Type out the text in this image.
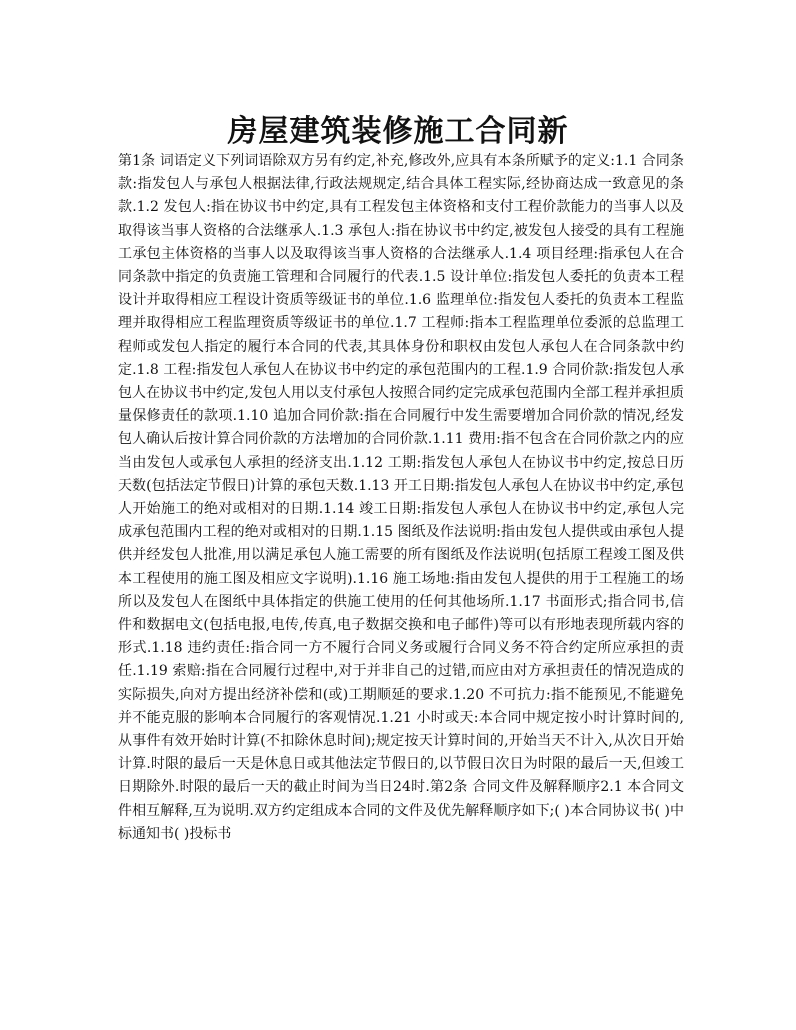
房屋建筑装修施工合同新
第1条 词语定义下列词语除双方另有约定,补充,修改外,应具有本条所赋予的定义:1.1 合同条款:指发包人与承包人根据法律,行政法规规定,结合具体工程实际,经协商达成一致意见的条款.1.2 发包人:指在协议书中约定,具有工程发包主体资格和支付工程价款能力的当事人以及取得该当事人资格的合法继承人.1.3 承包人:指在协议书中约定,被发包人接受的具有工程施工承包主体资格的当事人以及取得该当事人资格的合法继承人.1.4 项目经理:指承包人在合同条款中指定的负责施工管理和合同履行的代表.1.5 设计单位:指发包人委托的负责本工程设计并取得相应工程设计资质等级证书的单位.1.6 监理单位:指发包人委托的负责本工程监理并取得相应工程监理资质等级证书的单位.1.7 工程师:指本工程监理单位委派的总监理工程师或发包人指定的履行本合同的代表,其具体身份和职权由发包人承包人在合同条款中约定.1.8 工程:指发包人承包人在协议书中约定的承包范围内的工程.1.9 合同价款:指发包人承包人在协议书中约定,发包人用以支付承包人按照合同约定完成承包范围内全部工程并承担质量保修责任的款项.1.10 追加合同价款:指在合同履行中发生需要增加合同价款的情况,经发包人确认后按计算合同价款的方法增加的合同价款.1.11 费用:指不包含在合同价款之内的应当由发包人或承包人承担的经济支出.1.12 工期:指发包人承包人在协议书中约定,按总日历天数(包括法定节假日)计算的承包天数.1.13 开工日期:指发包人承包人在协议书中约定,承包人开始施工的绝对或相对的日期.1.14 竣工日期:指发包人承包人在协议书中约定,承包人完成承包范围内工程的绝对或相对的日期.1.15 图纸及作法说明:指由发包人提供或由承包人提供并经发包人批准,用以满足承包人施工需要的所有图纸及作法说明(包括原工程竣工图及供本工程使用的施工图及相应文字说明).1.16 施工场地:指由发包人提供的用于工程施工的场所以及发包人在图纸中具体指定的供施工使用的任何其他场所.1.17 书面形式;指合同书,信件和数据电文(包括电报,电传,传真,电子数据交换和电子邮件)等可以有形地表现所载内容的形式.1.18 违约责任:指合同一方不履行合同义务或履行合同义务不符合约定所应承担的责任.1.19 索赔:指在合同履行过程中,对于并非自己的过错,而应由对方承担责任的情况造成的实际损失,向对方提出经济补偿和(或)工期顺延的要求.1.20 不可抗力:指不能预见,不能避免并不能克服的影响本合同履行的客观情况.1.21 小时或天:本合同中规定按小时计算时间的,从事件有效开始时计算(不扣除休息时间);规定按天计算时间的,开始当天不计入,从次日开始计算.时限的最后一天是休息日或其他法定节假日的,以节假日次日为时限的最后一天,但竣工日期除外.时限的最后一天的截止时间为当日24时.第2条 合同文件及解释顺序2.1 本合同文件相互解释,互为说明.双方约定组成本合同的文件及优先解释顺序如下;( )本合同协议书( )中标通知书( )投标书
